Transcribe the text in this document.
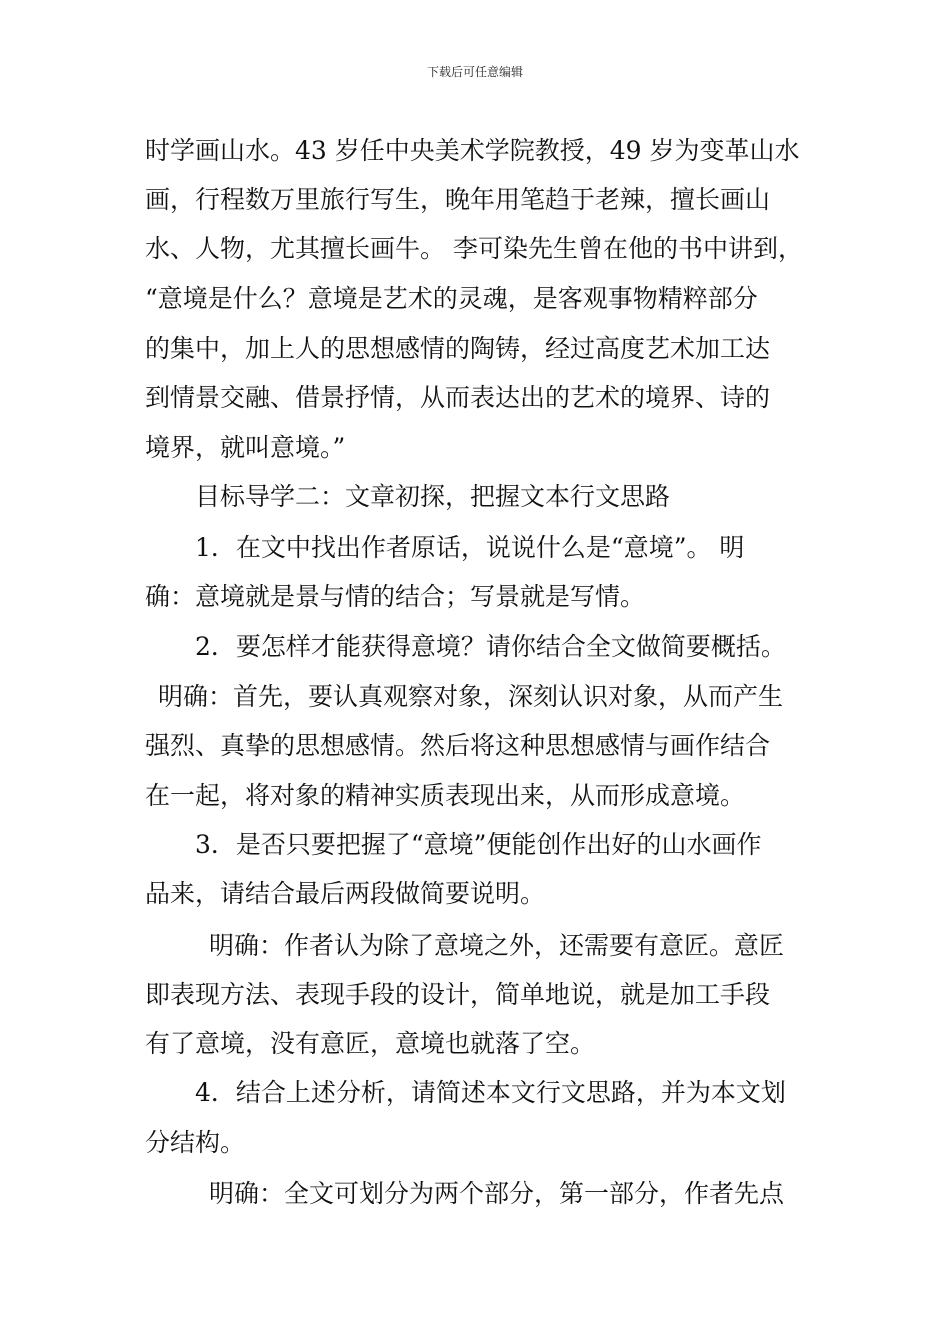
下载后可任意编辑
时学画山水。43 岁任中央美术学院教授，49 岁为变革山水
画，行程数万里旅行写生，晚年用笔趋于老辣，擅长画山
水、人物，尤其擅长画牛。 李可染先生曾在他的书中讲到，
“意境是什么？意境是艺术的灵魂，是客观事物精粹部分
的集中，加上人的思想感情的陶铸，经过高度艺术加工达
到情景交融、借景抒情，从而表达出的艺术的境界、诗的
境界，就叫意境。”
目标导学二：文章初探，把握文本行文思路
1．在文中找出作者原话，说说什么是“意境”。 明
确：意境就是景与情的结合；写景就是写情。
2．要怎样才能获得意境？请你结合全文做简要概括。
明确：首先，要认真观察对象，深刻认识对象，从而产生
强烈、真挚的思想感情。然后将这种思想感情与画作结合
在一起，将对象的精神实质表现出来，从而形成意境。
3．是否只要把握了“意境”便能创作出好的山水画作
品来，请结合最后两段做简要说明。
明确：作者认为除了意境之外，还需要有意匠。意匠
即表现方法、表现手段的设计，简单地说，就是加工手段
有了意境，没有意匠，意境也就落了空。
4．结合上述分析，请简述本文行文思路，并为本文划
分结构。
明确：全文可划分为两个部分，第一部分，作者先点
